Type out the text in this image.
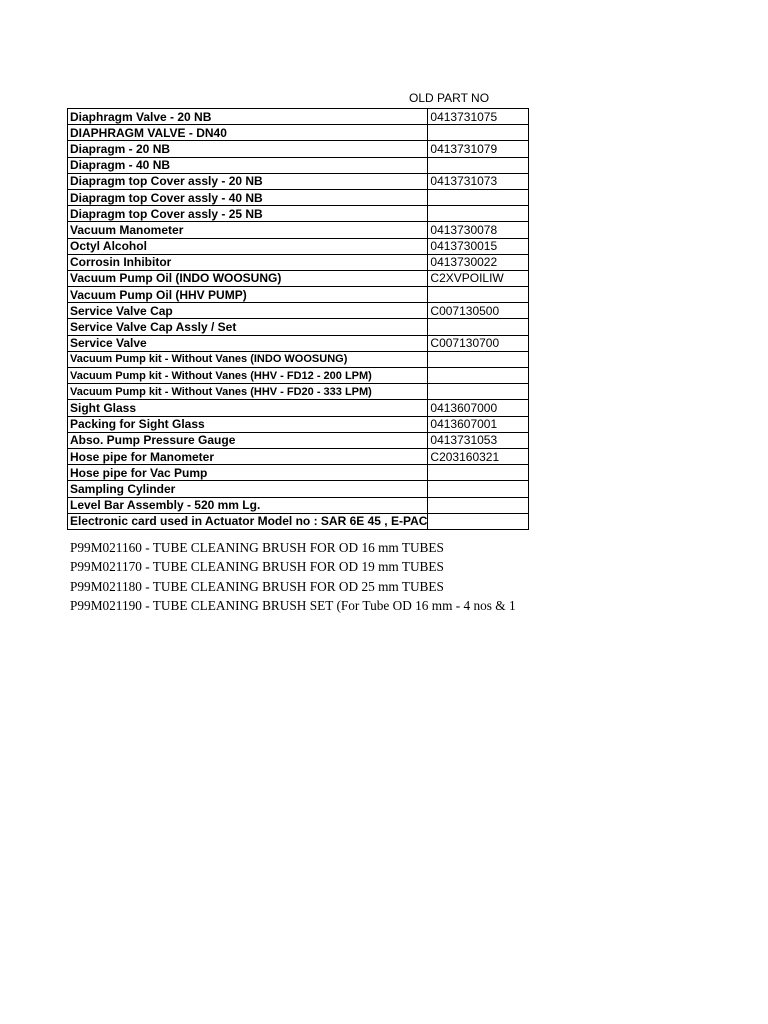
OLD PART NO
Diaphragm Valve - 20 NB	0413731075
DIAPHRAGM VALVE - DN40	
Diapragm - 20 NB	0413731079
Diapragm - 40 NB	
Diapragm top Cover assly - 20 NB	0413731073
Diapragm top Cover assly - 40 NB	
Diapragm top Cover assly - 25 NB	
Vacuum Manometer	0413730078
Octyl Alcohol	0413730015
Corrosin Inhibitor	0413730022
Vacuum Pump Oil (INDO WOOSUNG)	C2XVPOILIW
Vacuum Pump Oil (HHV PUMP)	
Service Valve Cap	C007130500
Service Valve Cap Assly / Set	
Service Valve	C007130700
Vacuum Pump kit - Without Vanes (INDO WOOSUNG)	
Vacuum Pump kit - Without Vanes (HHV - FD12 - 200 LPM)	
Vacuum Pump kit - Without Vanes (HHV - FD20 - 333 LPM)	
Sight Glass	0413607000
Packing for Sight Glass	0413607001
Abso. Pump Pressure Gauge	0413731053
Hose pipe for Manometer	C203160321
Hose pipe for Vac Pump	
Sampling Cylinder	
Level Bar Assembly - 520 mm Lg.	
Electronic card used in Actuator Model no : SAR 6E 45 , E-PAC	
P99M021160 - TUBE CLEANING BRUSH FOR OD 16 mm TUBES
P99M021170 - TUBE CLEANING BRUSH FOR OD 19 mm TUBES
P99M021180 - TUBE CLEANING BRUSH FOR OD 25 mm TUBES
P99M021190 - TUBE CLEANING BRUSH SET (For Tube OD 16 mm - 4 nos & 1
